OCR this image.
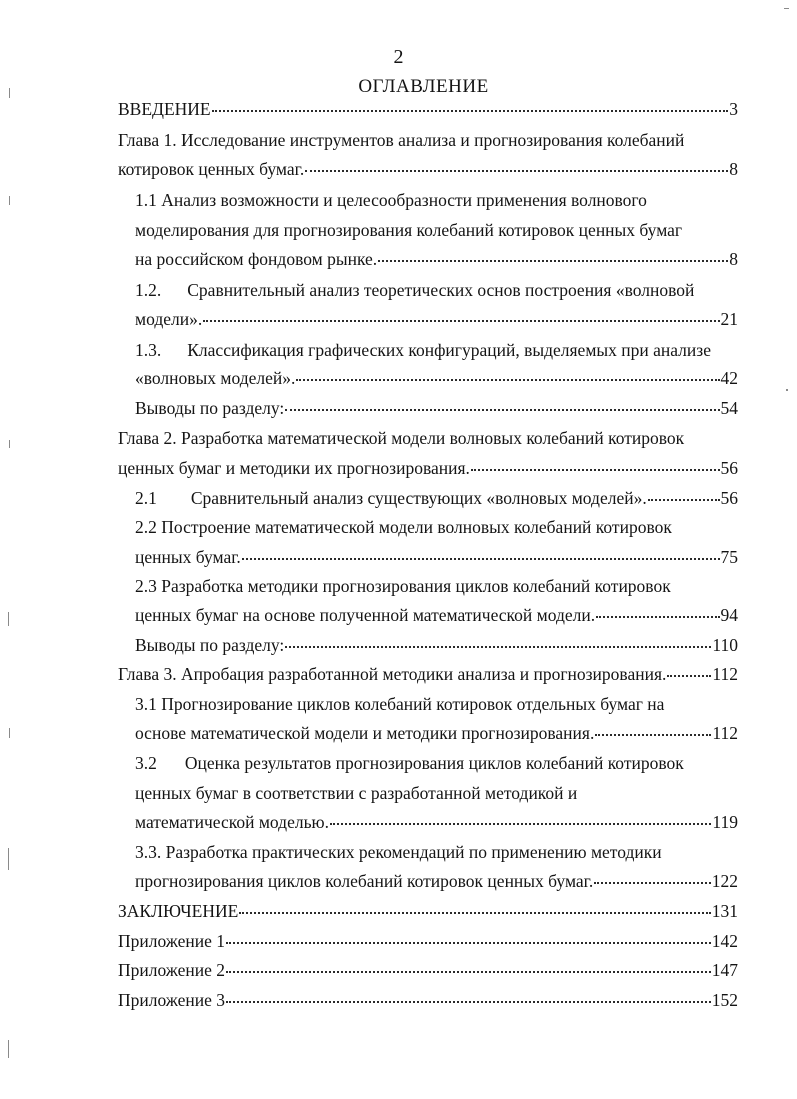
2
ОГЛАВЛЕНИЕ
ВВЕДЕНИЕ	3
Глава 1. Исследование инструментов анализа и прогнозирования колебаний
котировок ценных бумаг.	8
1.1 Анализ возможности и целесообразности применения волнового
моделирования для прогнозирования колебаний котировок ценных бумаг
на российском фондовом рынке.	8
1.2. Сравнительный анализ теоретических основ построения «волновой
модели».	21
1.3. Классификация графических конфигураций, выделяемых при анализе
«волновых моделей».	42
Выводы по разделу:	54
Глава 2. Разработка математической модели волновых колебаний котировок
ценных бумаг и методики их прогнозирования.	56
2.1 Сравнительный анализ существующих «волновых моделей».	56
2.2 Построение математической модели волновых колебаний котировок
ценных бумаг.	75
2.3 Разработка методики прогнозирования циклов колебаний котировок
ценных бумаг на основе полученной математической модели.	94
Выводы по разделу:	110
Глава 3. Апробация разработанной методики анализа и прогнозирования.	112
3.1 Прогнозирование циклов колебаний котировок отдельных бумаг на
основе математической модели и методики прогнозирования.	112
3.2 Оценка результатов прогнозирования циклов колебаний котировок
ценных бумаг в соответствии с разработанной методикой и
математической моделью.	119
3.3. Разработка практических рекомендаций по применению методики
прогнозирования циклов колебаний котировок ценных бумаг.	122
ЗАКЛЮЧЕНИЕ	131
Приложение 1	142
Приложение 2	147
Приложение 3	152
